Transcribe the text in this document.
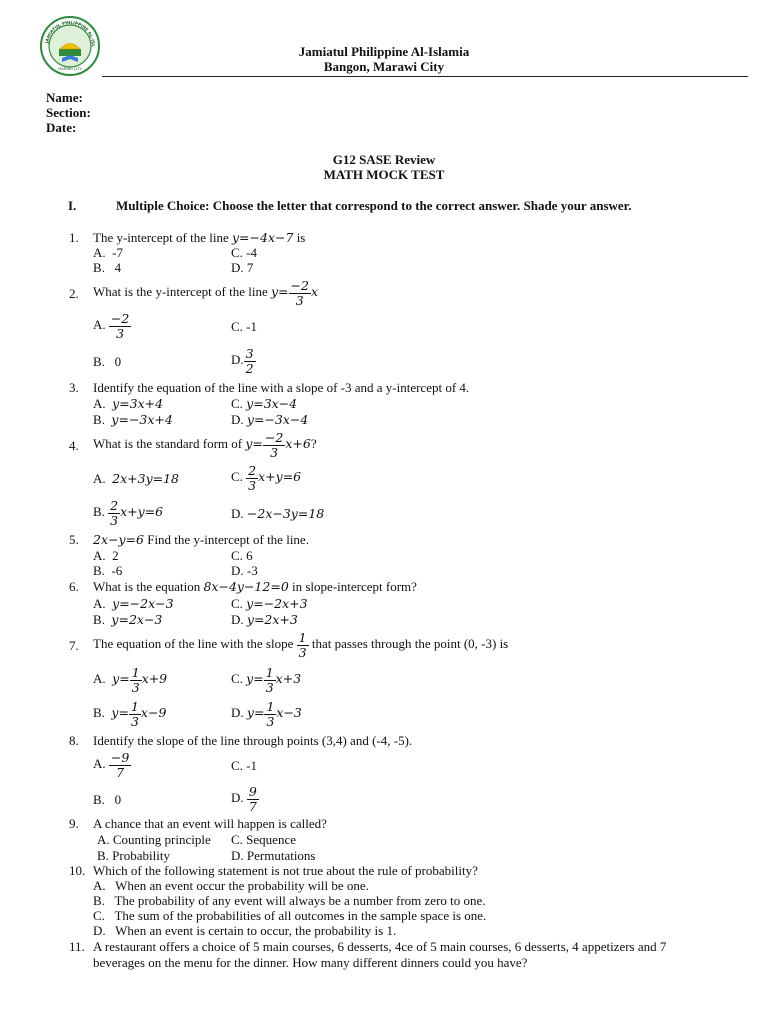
JAMIATUL PHILIPPINE AL-ISL
MARAWI CITY
Jamiatul Philippine Al-Islamia
Bangon, Marawi City
Name:
Section:
Date:
G12 SASE Review
MATH MOCK TEST
I.	Multiple Choice: Choose the letter that correspond to the correct answer. Shade your answer.
1. The y-intercept of the line y=−4x−7 is
A. -7	C. -4
B. 4	D. 7
2. What is the y-intercept of the line $y= \frac{-2}{3}$ x
A. $\frac{-2}{3}$	C. -1
B. 0	D. $\frac{3}{2}$
3. Identify the equation of the line with a slope of -3 and a y-intercept of 4.
A. y=3x+4	C. y=3x−4
B. y=−3x+4	D. y=−3x−4
4. What is the standard form of $y= \frac{-2}{3} x+6$?
A. 2x+3y=18	C. $\frac{2}{3} x+y=6$
B. $\frac{2}{3} x+y=6$	D. −2x−3y=18
5. 2x−y=6 Find the y-intercept of the line.
A. 2	C. 6
B. -6	D. -3
6. What is the equation 8x−4y−12=0 in slope-intercept form?
A. y=−2x−3	C. y=−2x+3
B. y=2x−3	D. y=2x+3
7. The equation of the line with the slope $\frac{1}{3}$ that passes through the point (0, -3) is
A. $y= \frac{1}{3} x+9$	C. $y= \frac{1}{3} x+3$
B. $y= \frac{1}{3} x-9$	D. $y= \frac{1}{3} x-3$
8. Identify the slope of the line through points (3,4) and (-4, -5).
A. $\frac{-9}{7}$	C. -1
B. 0	D. $\frac{9}{7}$
9. A chance that an event will happen is called?
A. Counting principle C. Sequence
B. Probability	D. Permutations
10. Which of the following statement is not true about the rule of probability?
A. When an event occur the probability will be one.
B. The probability of any event will always be a number from zero to one.
C. The sum of the probabilities of all outcomes in the sample space is one.
D. When an event is certain to occur, the probability is 1.
11. A restaurant offers a choice of 5 main courses, 6 desserts, 4ce of 5 main courses, 6 desserts, 4 appetizers and 7
beverages on the menu for the dinner. How many different dinners could you have?
